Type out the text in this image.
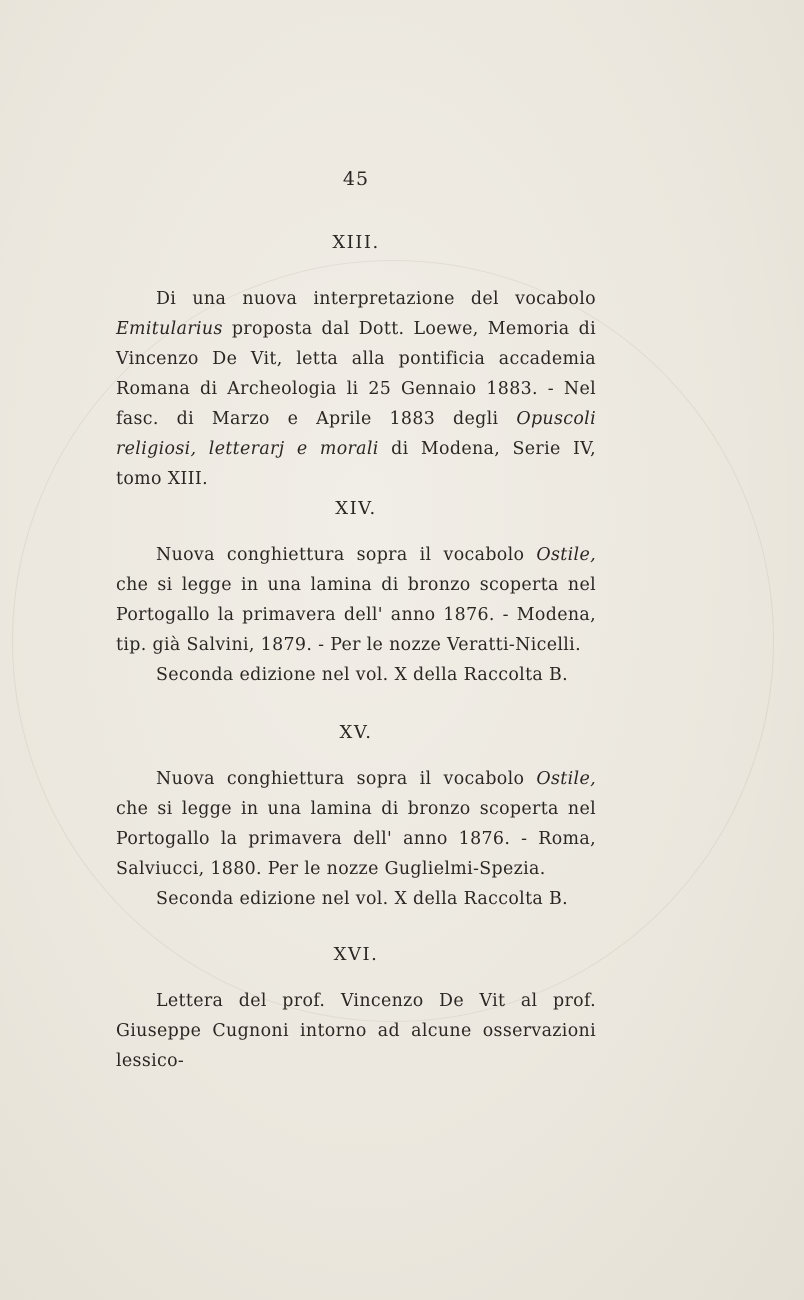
45
XIII.

Di una nuova interpretazione del vocabolo Emitularius proposta dal Dott. Loewe, Memoria di Vincenzo De Vit, letta alla pontificia accademia Romana di Archeologia li 25 Gennaio 1883. - Nel fasc. di Marzo e Aprile 1883 degli Opuscoli religiosi, letterarj e morali di Modena, Serie IV, tomo XIII.

XIV.

Nuova conghiettura sopra il vocabolo Ostile, che si legge in una lamina di bronzo scoperta nel Portogallo la primavera dell' anno 1876. - Modena, tip. già Salvini, 1879. - Per le nozze Veratti-Nicelli.

Seconda edizione nel vol. X della Raccolta B.

XV.

Nuova conghiettura sopra il vocabolo Ostile, che si legge in una lamina di bronzo scoperta nel Portogallo la primavera dell' anno 1876. - Roma, Salviucci, 1880. Per le nozze Guglielmi-Spezia.

Seconda edizione nel vol. X della Raccolta B.

XVI.

Lettera del prof. Vincenzo De Vit al prof. Giuseppe Cugnoni intorno ad alcune osservazioni lessico-
